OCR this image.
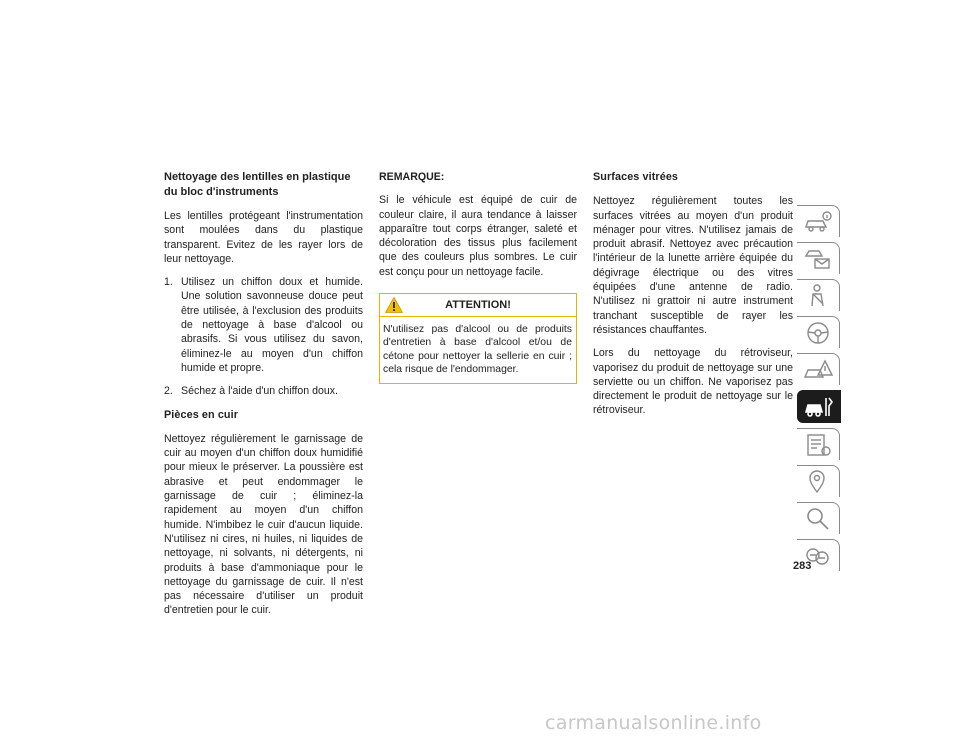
Nettoyage des lentilles en plastique du bloc d'instruments

Les lentilles protégeant l'instrumentation sont moulées dans du plastique transparent. Evitez de les rayer lors de leur nettoyage.

1. Utilisez un chiffon doux et humide. Une solution savonneuse douce peut être utilisée, à l'exclusion des produits de nettoyage à base d'alcool ou abrasifs. Si vous utilisez du savon, éliminez-le au moyen d'un chiffon humide et propre.
2. Séchez à l'aide d'un chiffon doux.
Pièces en cuir

Nettoyez régulièrement le garnissage de cuir au moyen d'un chiffon doux humidifié pour mieux le préserver. La poussière est abrasive et peut endommager le garnissage de cuir ; éliminez-la rapidement au moyen d'un chiffon humide. N'imbibez le cuir d'aucun liquide. N'utilisez ni cires, ni huiles, ni liquides de nettoyage, ni solvants, ni détergents, ni produits à base d'ammoniaque pour le nettoyage du garnissage de cuir. Il n'est pas nécessaire d'utiliser un produit d'entretien pour le cuir.

REMARQUE:

Si le véhicule est équipé de cuir de couleur claire, il aura tendance à laisser apparaître tout corps étranger, saleté et décoloration des tissus plus facilement que des couleurs plus sombres. Le cuir est conçu pour un nettoyage facile.

ATTENTION!
N'utilisez pas d'alcool ou de produits d'entretien à base d'alcool et/ou de cétone pour nettoyer la sellerie en cuir ; cela risque de l'endommager.
Surfaces vitrées

Nettoyez régulièrement toutes les surfaces vitrées au moyen d'un produit ménager pour vitres. N'utilisez jamais de produit abrasif. Nettoyez avec précaution l'intérieur de la lunette arrière équipée du dégivrage électrique ou des vitres équipées d'une antenne de radio. N'utilisez ni grattoir ni autre instrument tranchant susceptible de rayer les résistances chauffantes.

Lors du nettoyage du rétroviseur, vaporisez du produit de nettoyage sur une serviette ou un chiffon. Ne vaporisez pas directement le produit de nettoyage sur le rétroviseur.

283
carmanualsonline.info
